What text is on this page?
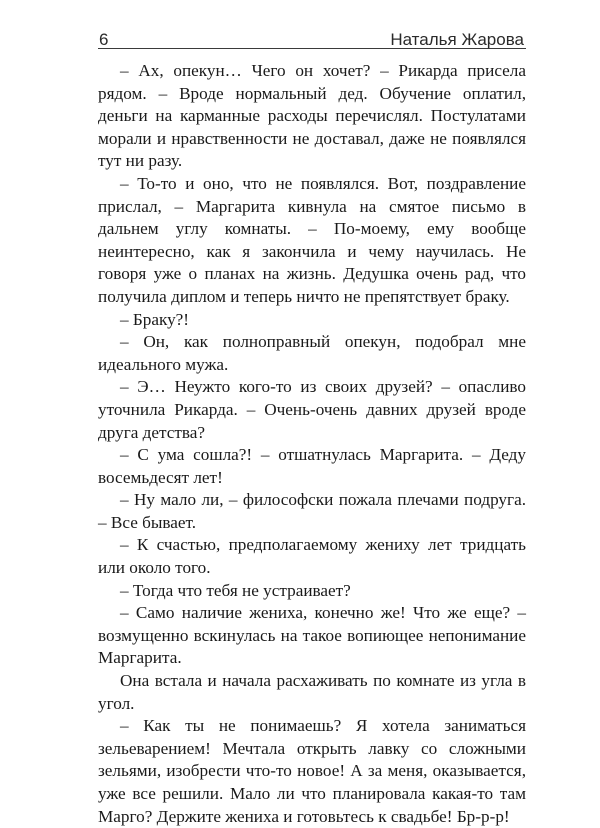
6	Наталья Жарова

– Ах, опекун… Чего он хочет? – Рикарда присела рядом. – Вроде нормальный дед. Обучение оплатил, деньги на карманные расходы перечислял. Постулатами морали и нравственности не доставал, даже не появлялся тут ни разу.

– То-то и оно, что не появлялся. Вот, поздравление прислал, – Маргарита кивнула на смятое письмо в дальнем углу комнаты. – По-моему, ему вообще неинтересно, как я закончила и чему научилась. Не говоря уже о планах на жизнь. Дедушка очень рад, что получила диплом и теперь ничто не препятствует браку.

– Браку?!

– Он, как полноправный опекун, подобрал мне идеального мужа.

– Э… Неужто кого-то из своих друзей? – опасливо уточнила Рикарда. – Очень-очень давних друзей вроде друга детства?

– С ума сошла?! – отшатнулась Маргарита. – Деду восемьдесят лет!

– Ну мало ли, – философски пожала плечами подруга. – Все бывает.

– К счастью, предполагаемому жениху лет тридцать или около того.

– Тогда что тебя не устраивает?

– Само наличие жениха, конечно же! Что же еще? – возмущенно вскинулась на такое вопиющее непонимание Маргарита.

Она встала и начала расхаживать по комнате из угла в угол.

– Как ты не понимаешь? Я хотела заниматься зельеварением! Мечтала открыть лавку со сложными зельями, изобрести что-то новое! А за меня, оказывается, уже все решили. Мало ли что планировала какая-то там Марго? Держите жениха и готовьтесь к свадьбе! Бр-р-р!
